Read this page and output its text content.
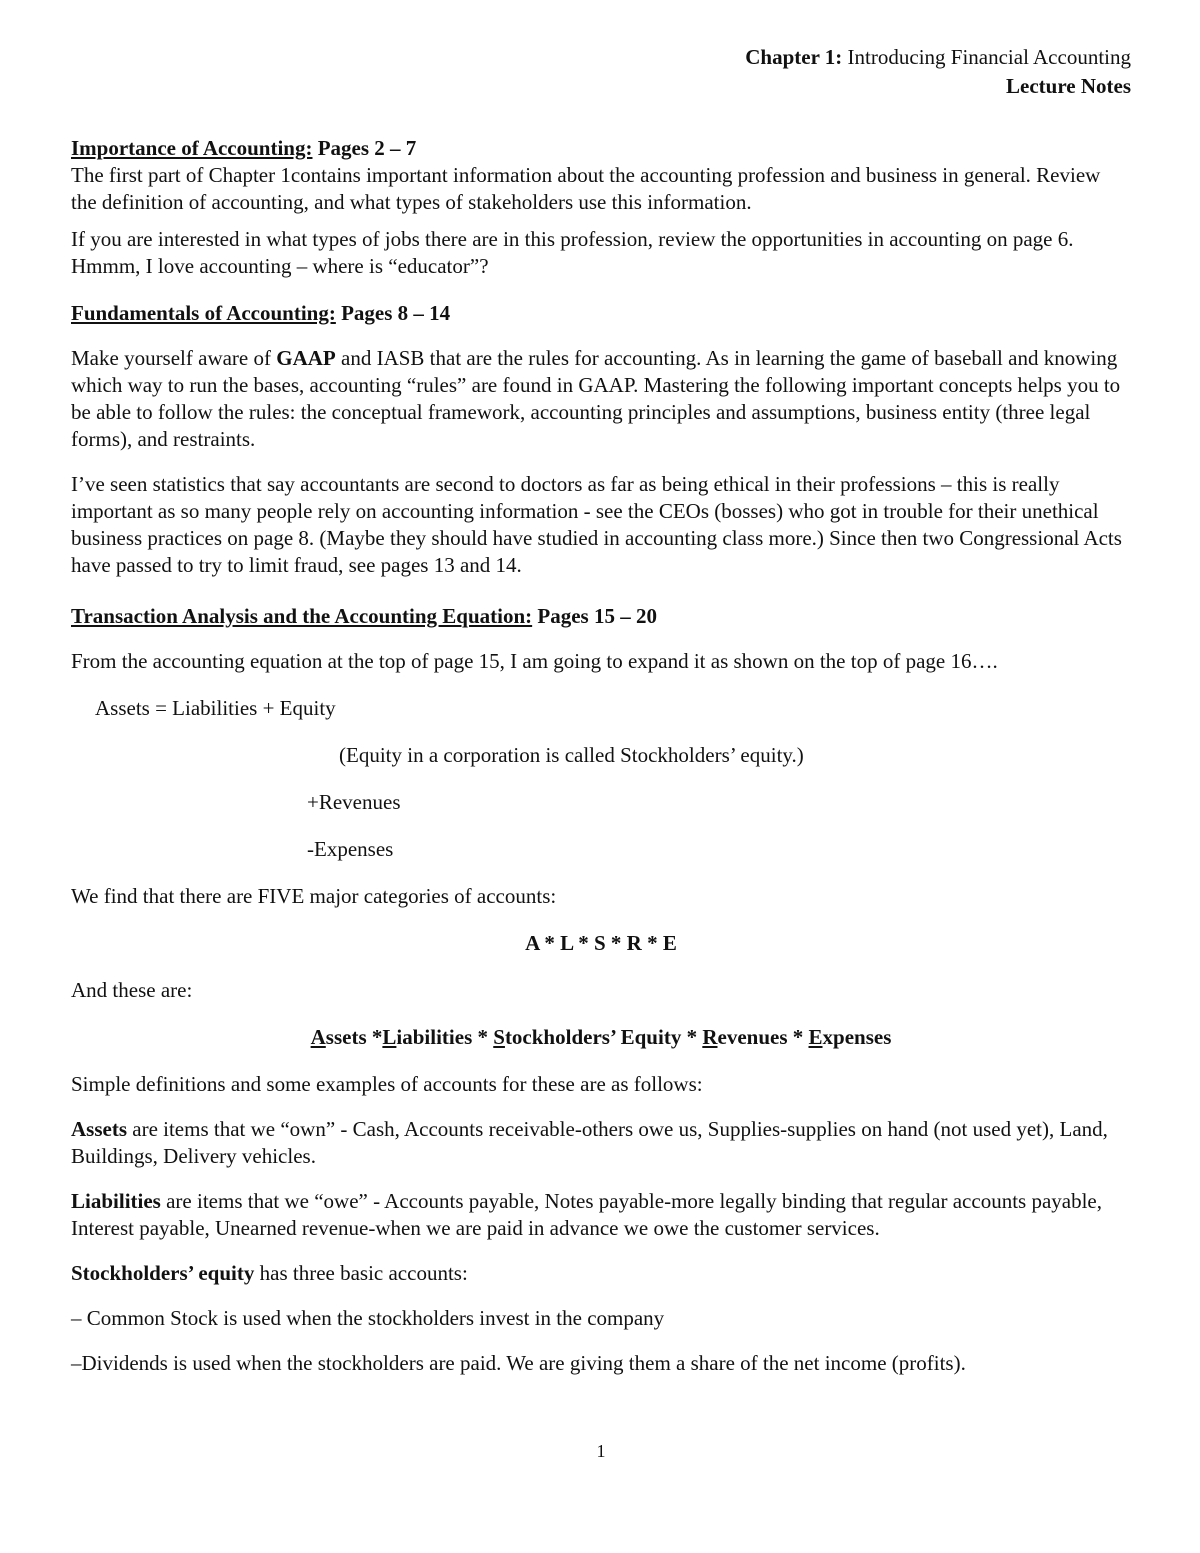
Chapter 1: Introducing Financial Accounting
Lecture Notes
Importance of Accounting: Pages 2 – 7

The first part of Chapter 1contains important information about the accounting profession and business in general. Review the definition of accounting, and what types of stakeholders use this information.

If you are interested in what types of jobs there are in this profession, review the opportunities in accounting on page 6. Hmmm, I love accounting – where is “educator”?

Fundamentals of Accounting: Pages 8 – 14

Make yourself aware of GAAP and IASB that are the rules for accounting. As in learning the game of baseball and knowing which way to run the bases, accounting “rules” are found in GAAP. Mastering the following important concepts helps you to be able to follow the rules: the conceptual framework, accounting principles and assumptions, business entity (three legal forms), and restraints.

I’ve seen statistics that say accountants are second to doctors as far as being ethical in their professions – this is really important as so many people rely on accounting information - see the CEOs (bosses) who got in trouble for their unethical business practices on page 8. (Maybe they should have studied in accounting class more.) Since then two Congressional Acts have passed to try to limit fraud, see pages 13 and 14.

Transaction Analysis and the Accounting Equation: Pages 15 – 20

From the accounting equation at the top of page 15, I am going to expand it as shown on the top of page 16….

Assets = Liabilities + Equity

(Equity in a corporation is called Stockholders’ equity.)

+Revenues

-Expenses

We find that there are FIVE major categories of accounts:

A * L * S * R * E

And these are:

Assets *Liabilities * Stockholders’ Equity * Revenues * Expenses

Simple definitions and some examples of accounts for these are as follows:

Assets are items that we “own” - Cash, Accounts receivable-others owe us, Supplies-supplies on hand (not used yet), Land, Buildings, Delivery vehicles.

Liabilities are items that we “owe” - Accounts payable, Notes payable-more legally binding that regular accounts payable, Interest payable, Unearned revenue-when we are paid in advance we owe the customer services.

Stockholders’ equity has three basic accounts:

– Common Stock is used when the stockholders invest in the company

–Dividends is used when the stockholders are paid. We are giving them a share of the net income (profits).

1
